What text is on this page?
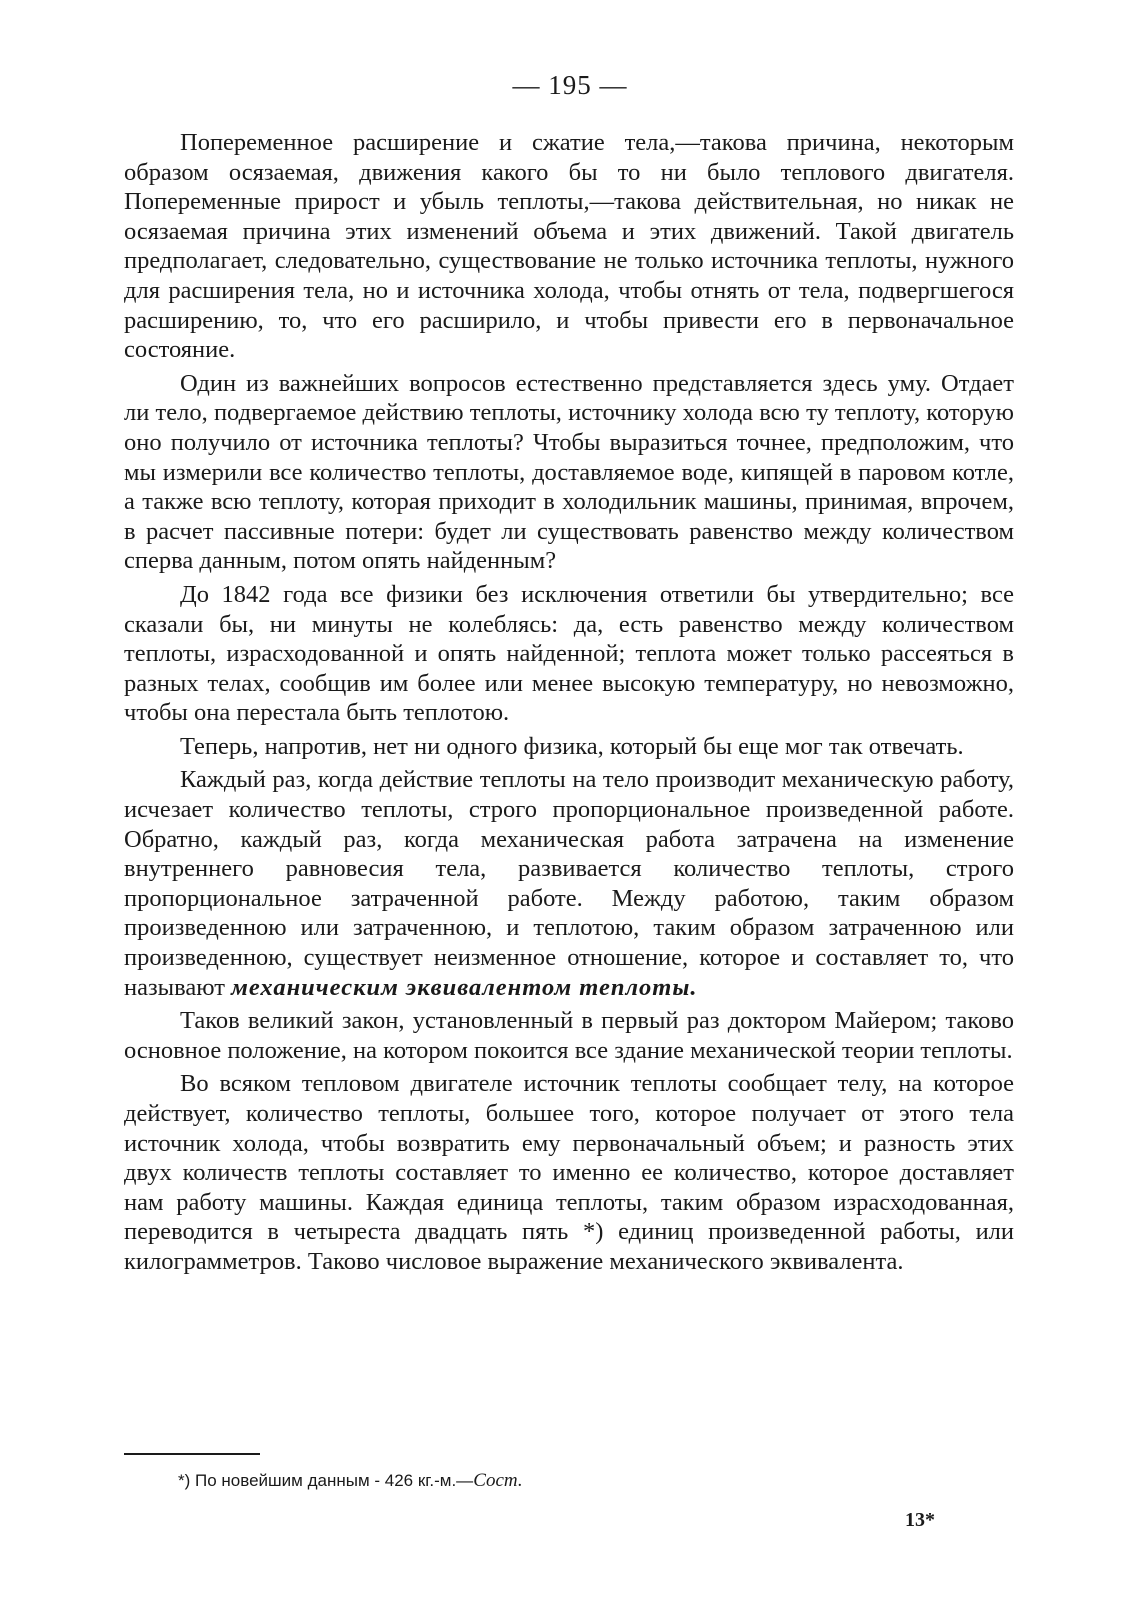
— 195 —

Попеременное расширение и сжатие тела,—такова причина, некоторым образом осязаемая, движения какого бы то ни было теплового двигателя. Попеременные прирост и убыль теплоты,—такова действительная, но никак не осязаемая причина этих изменений объема и этих движений. Такой двигатель предполагает, следовательно, существование не только источника теплоты, нужного для расширения тела, но и источника холода, чтобы отнять от тела, подвергшегося расширению, то, что его расширило, и чтобы привести его в первоначальное состояние.

Один из важнейших вопросов естественно представляется здесь уму. Отдает ли тело, подвергаемое действию теплоты, источнику холода всю ту теплоту, которую оно получило от источника теплоты? Чтобы выразиться точнее, предположим, что мы измерили все количество теплоты, доставляемое воде, кипящей в паровом котле, а также всю теплоту, которая приходит в холодильник машины, принимая, впрочем, в расчет пассивные потери: будет ли существовать равенство между количеством сперва данным, потом опять найденным?

До 1842 года все физики без исключения ответили бы утвердительно; все сказали бы, ни минуты не колеблясь: да, есть равенство между количеством теплоты, израсходованной и опять найденной; теплота может только рассеяться в разных телах, сообщив им более или менее высокую температуру, но невозможно, чтобы она перестала быть теплотою.

Теперь, напротив, нет ни одного физика, который бы еще мог так отвечать.

Каждый раз, когда действие теплоты на тело производит механическую работу, исчезает количество теплоты, строго пропорциональное произведенной работе. Обратно, каждый раз, когда механическая работа затрачена на изменение внутреннего равновесия тела, развивается количество теплоты, строго пропорциональное затраченной работе. Между работою, таким образом произведенною или затраченною, и теплотою, таким образом затраченною или произведенною, существует неизменное отношение, которое и составляет то, что называют механическим эквивалентом теплоты.

Таков великий закон, установленный в первый раз доктором Майером; таково основное положение, на котором покоится все здание механической теории теплоты.

Во всяком тепловом двигателе источник теплоты сообщает телу, на которое действует, количество теплоты, большее того, которое получает от этого тела источник холода, чтобы возвратить ему первоначальный объем; и разность этих двух количеств теплоты составляет то именно ее количество, которое доставляет нам работу машины. Каждая единица теплоты, таким образом израсходованная, переводится в четыреста двадцать пять *) единиц произведенной работы, или килограмметров. Таково числовое выражение механического эквивалента.

*) По новейшим данным - 426 кг.-м.—Сост.
13*
